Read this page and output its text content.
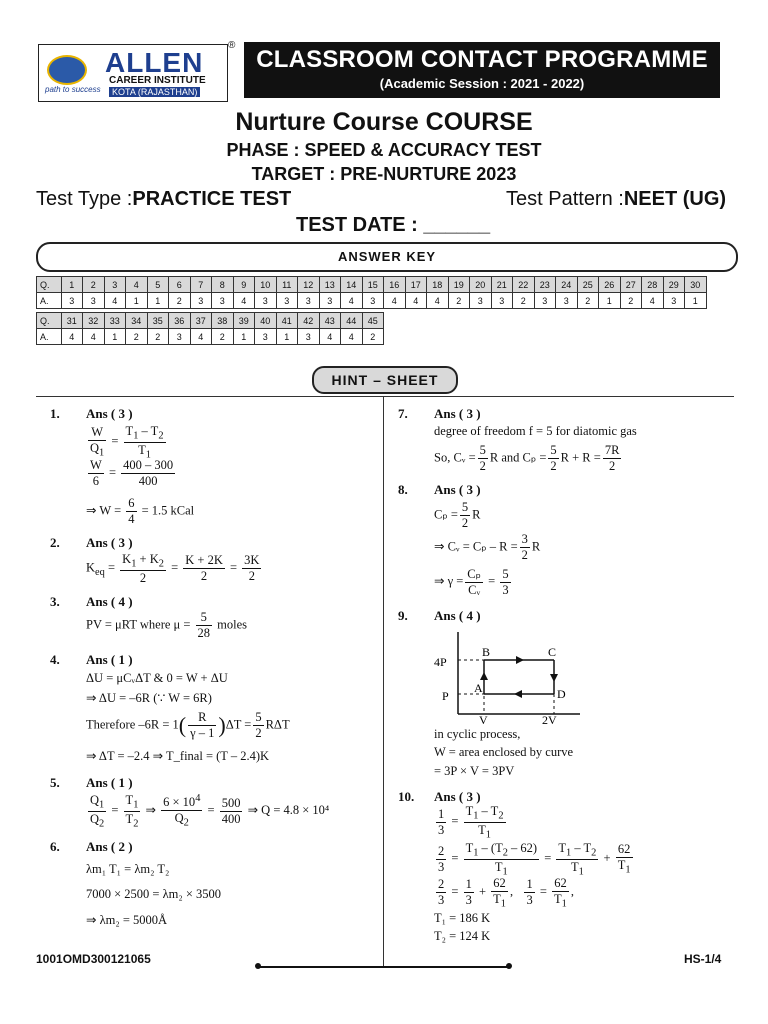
path to success
ALLEN
CAREER INSTITUTE
KOTA (RAJASTHAN)
®
CLASSROOM CONTACT PROGRAMME
(Academic Session : 2021 - 2022)
Nurture Course COURSE
PHASE : SPEED & ACCURACY TEST
TARGET : PRE-NURTURE 2023
Test Type :PRACTICE TEST	Test Pattern :NEET (UG)
TEST DATE : ______
ANSWER KEY
Q.	1	2	3	4	5	6	7	8	9	10	11	12	13	14	15	16	17	18	19	20	21	22	23	24	25	26	27	28	29	30
A.	3	3	4	1	1	2	3	3	4	3	3	3	3	4	3	4	4	4	2	3	3	2	3	3	2	1	2	4	3	1
Q.	31	32	33	34	35	36	37	38	39	40	41	42	43	44	45
A.	4	4	1	2	2	3	4	2	1	3	1	3	4	4	2
HINT – SHEET
1. Ans ( 3 )
$\frac{W}{Q_1} = \frac{T_1 - T_2}{T_1}$
$\frac{W}{6} = \frac{400 - 300}{400}$
⇒ $W = \frac{6}{4} = 1.5$ kCal
2. Ans ( 3 )
$K_{eq} = \frac{K_1 + K_2}{2} = \frac{K + 2K}{2} = \frac{3K}{2}$
3. Ans ( 4 )
PV = μRT where $\mu = \frac{5}{28}$ moles
4. Ans ( 1 )
ΔU = μCᵥΔT & 0 = W + ΔU
⇒ ΔU = –6R (∵ W = 6R)
Therefore $-6R = 1( \frac{R}{\gamma - 1} )\Delta T = \frac{5}{2}$ RΔT
⇒ ΔT = –2.4 ⇒ T_final = (T – 2.4)K
5. Ans ( 1 )
$\frac{Q_1}{Q_2} = \frac{T_1}{T_2}$ ⇒ $\frac{6 \times 10^4}{Q_2} = \frac{500}{400}$ ⇒ Q = 4.8 × 10⁴
6. Ans ( 2 )
λm₁ T₁ = λm₂ T₂
7000 × 2500 = λm₂ × 3500
⇒ λm₂ = 5000Å
7. Ans ( 3 )
degree of freedom f = 5 for diatomic gas
So, Cᵥ = $\frac{5}{2}$ R and $C_p = \frac{5}{2}$ $R + R = \frac{7R}{2}$
8. Ans ( 3 )
$C_p = \frac{5}{2}$ R
⇒ Cᵥ = $C_p - R = \frac{3}{2}$ R
⇒ $\gamma = \frac{\text{Cₚ}}{\text{Cᵥ}} = \frac{5}{3}$
9. Ans ( 4 )
4P
P
V	2V
A
B	C
D
in cyclic process,
W = area enclosed by curve
= 3P × V = 3PV
10. Ans ( 3 )
$\frac{1}{3} = \frac{T_1 - T_2}{T_1}$
$\frac{2}{3} = \frac{T_1 - (T_2 - 62)}{T_1} = \frac{T_1 - T_2}{T_1} + \frac{62}{T_1}$
$\frac{2}{3} = \frac{1}{3} + \frac{62}{T_1}$ , $\frac{1}{3} = \frac{62}{T_1}$ ,
T₁ = 186 K
T₂ = 124 K
1001OMD300121065	HS-1/4
